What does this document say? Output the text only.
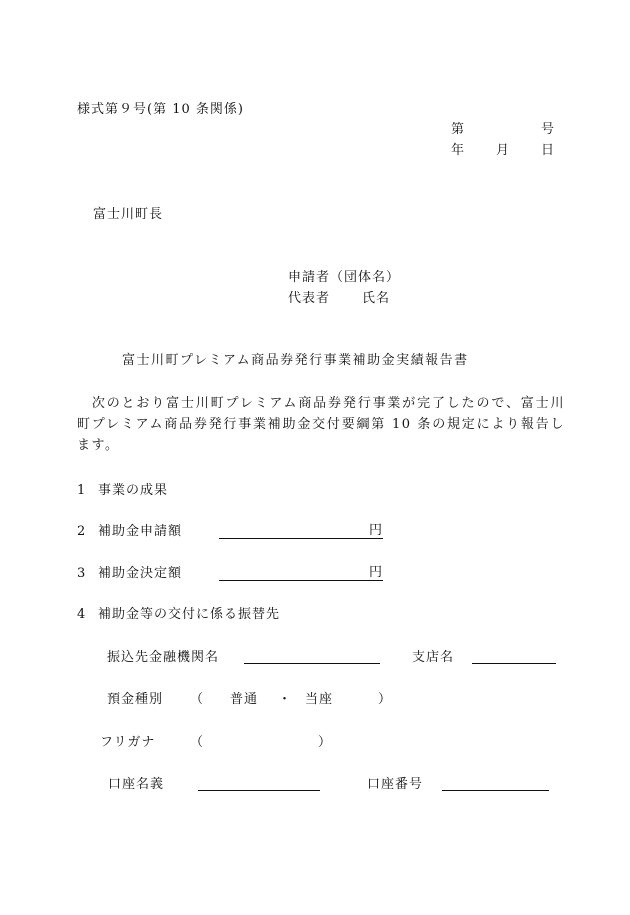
様式第９号(第 10 条関係)
第	号
年 月 日
富士川町長
申請者（団体名）
代表者 氏名
富士川町プレミアム商品券発行事業補助金実績報告書
　次のとおり富士川町プレミアム商品券発行事業が完了したので、富士川町プレミアム商品券発行事業補助金交付要綱第 10 条の規定により報告します。
1 事業の成果
2 補助金申請額	円
3 補助金決定額	円
4 補助金等の交付に係る振替先
振込先金融機関名	支店名
預金種別 （ 普通 ・ 当座	）
フリガナ	（	）
口座名義	口座番号
